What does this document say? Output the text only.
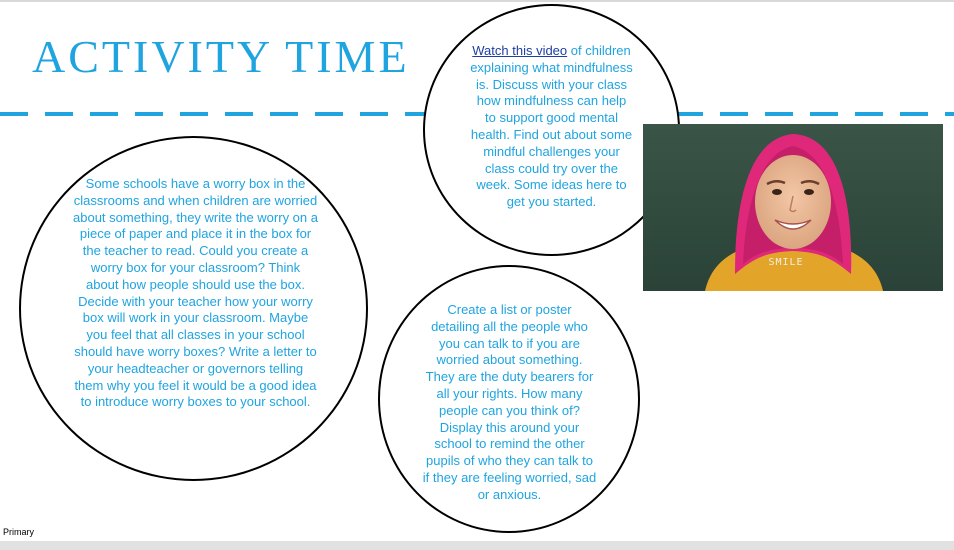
ACTIVITY TIME

Some schools have a worry box in the classrooms and when children are worried about something, they write the worry on a piece of paper and place it in the box for the teacher to read. Could you create a worry box for your classroom? Think about how people should use the box. Decide with your teacher how your worry box will work in your classroom. Maybe you feel that all classes in your school should have worry boxes? Write a letter to your headteacher or governors telling them why you feel it would be a good idea to introduce worry boxes to your school.

Watch this video of children explaining what mindfulness is. Discuss with your class how mindfulness can help to support good mental health. Find out about some mindful challenges your class could try over the week. Some ideas here to get you started.

Create a list or poster detailing all the people who you can talk to if you are worried about something. They are the duty bearers for all your rights. How many people can you think of? Display this around your school to remind the other pupils of who they can talk to if they are feeling worried, sad or anxious.

SMILE
Primary
